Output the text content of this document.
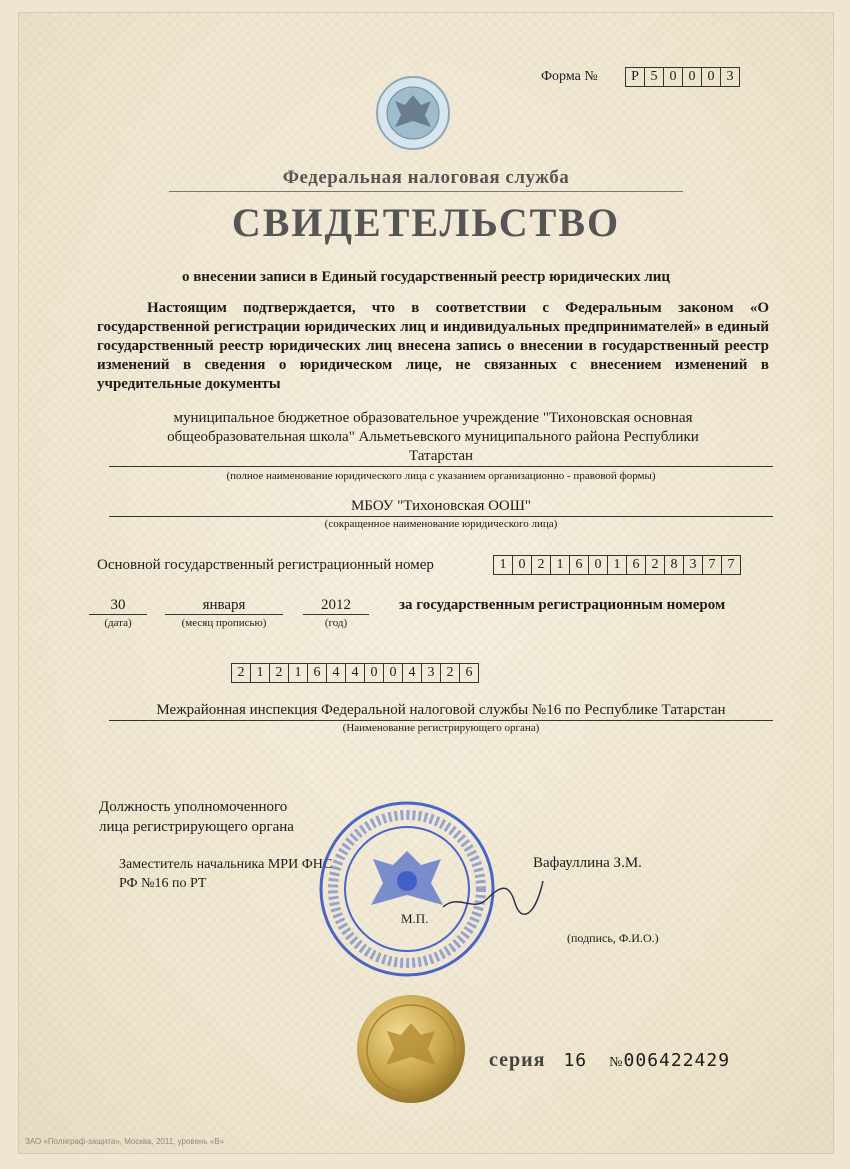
Форма №	Р 5 0 0 0 3
Федеральная налоговая служба
СВИДЕТЕЛЬСТВО
о внесении записи в Единый государственный реестр юридических лиц
Настоящим подтверждается, что в соответствии с Федеральным законом «О государственной регистрации юридических лиц и индивидуальных предпринимателей» в единый государственный реестр юридических лиц внесена запись о внесении в государственный реестр изменений в сведения о юридическом лице, не связанных с внесением изменений в учредительные документы
муниципальное бюджетное образовательное учреждение "Тихоновская основная
общеобразовательная школа" Альметьевского муниципального района Республики
Татарстан
(полное наименование юридического лица с указанием организационно - правовой формы)
МБОУ "Тихоновская ООШ"
(сокращенное наименование юридического лица)
Основной государственный регистрационный номер	1 0 2 1 6 0 1 6 2 8 3 7 7
30
(дата)
января
(месяц прописью)
2012
(год)
за государственным регистрационным номером
2 1 2 1 6 4 4 0 0 4 3 2 6
Межрайонная инспекция Федеральной налоговой службы №16 по Республике Татарстан
(Наименование регистрирующего органа)
Должность уполномоченного
лица регистрирующего органа
Заместитель начальника МРИ ФНС
РФ №16 по РТ
Вафауллина З.М.
(подпись, Ф.И.О.)
М.П.
серия 16 №006422429
ЗАО «Полиграф-защита», Москва, 2011, уровень «В»
